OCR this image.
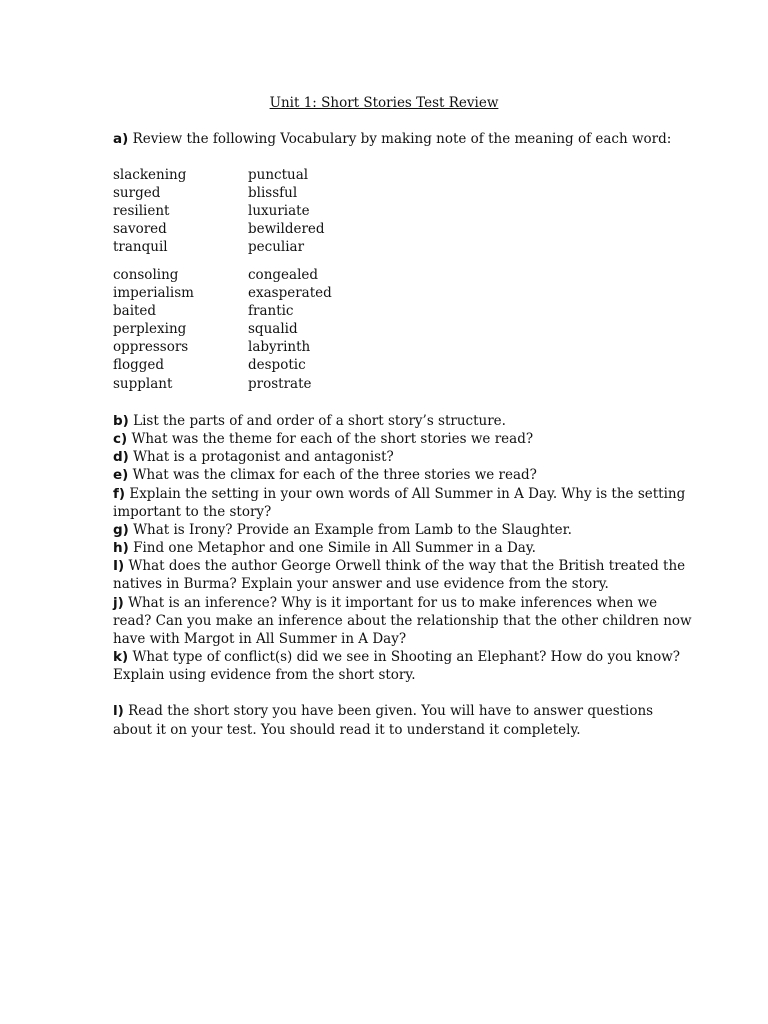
Unit 1: Short Stories Test Review
a) Review the following Vocabulary by making note of the meaning of each word:
slackening
surged
resilient
savored
tranquil
punctual
blissful
luxuriate
bewildered
peculiar
consoling
imperialism
baited
perplexing
oppressors
flogged
supplant
congealed
exasperated
frantic
squalid
labyrinth
despotic
prostrate

b) List the parts of and order of a short story’s structure.

c) What was the theme for each of the short stories we read?

d) What is a protagonist and antagonist?

e) What was the climax for each of the three stories we read?

f) Explain the setting in your own words of All Summer in A Day. Why is the setting
important to the story?

g) What is Irony? Provide an Example from Lamb to the Slaughter.

h) Find one Metaphor and one Simile in All Summer in a Day.

I) What does the author George Orwell think of the way that the British treated the
natives in Burma? Explain your answer and use evidence from the story.

j) What is an inference? Why is it important for us to make inferences when we
read? Can you make an inference about the relationship that the other children now
have with Margot in All Summer in A Day?

k) What type of conflict(s) did we see in Shooting an Elephant? How do you know?
Explain using evidence from the short story.

l) Read the short story you have been given. You will have to answer questions
about it on your test. You should read it to understand it completely.
